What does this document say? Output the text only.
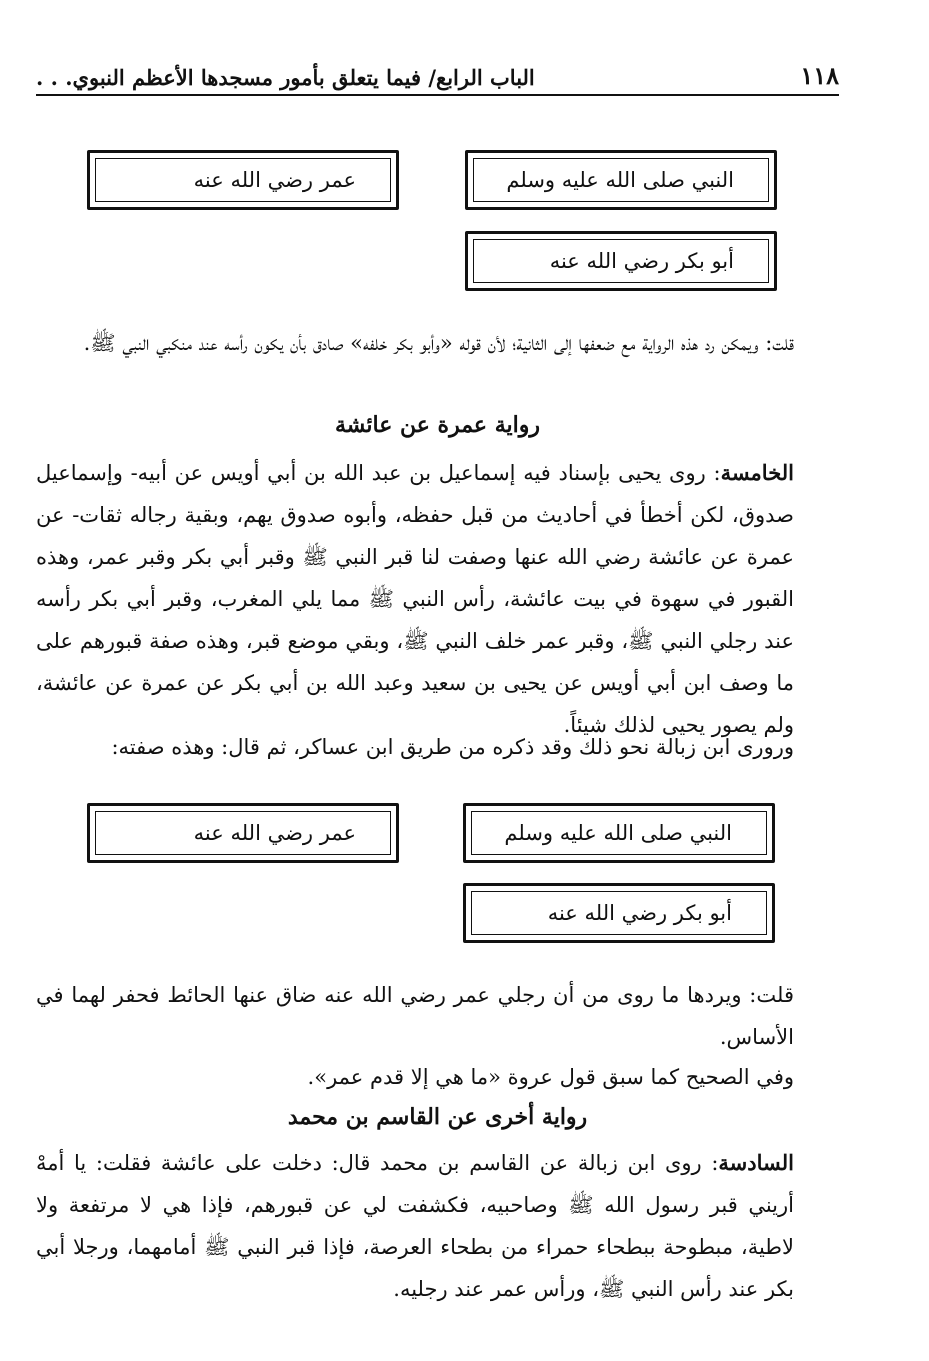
١١٨
الباب الرابع/ فيما يتعلق بأمور مسجدها الأعظم النبوي. . .
النبي صلى الله عليه وسلم
عمر رضي الله عنه
أبو بكر رضي الله عنه
قلت: ويمكن رد هذه الرواية مع ضعفها إلى الثانية؛ لأن قوله «وأبو بكر خلفه» صادق بأن يكون رأسه عند منكبي النبي ﷺ.
رواية عمرة عن عائشة
الخامسة: روى يحيى بإسناد فيه إسماعيل بن عبد الله بن أبي أويس عن أبيه- وإسماعيل صدوق، لكن أخطأ في أحاديث من قبل حفظه، وأبوه صدوق يهم، وبقية رجاله ثقات- عن عمرة عن عائشة رضي الله عنها وصفت لنا قبر النبي ﷺ وقبر أبي بكر وقبر عمر، وهذه القبور في سهوة في بيت عائشة، رأس النبي ﷺ مما يلي المغرب، وقبر أبي بكر رأسه عند رجلي النبي ﷺ، وقبر عمر خلف النبي ﷺ، وبقي موضع قبر، وهذه صفة قبورهم على ما وصف ابن أبي أويس عن يحيى بن سعيد وعبد الله بن أبي بكر عن عمرة عن عائشة، ولم يصور يحيى لذلك شيئاً.
ورورى ابن زبالة نحو ذلك وقد ذكره من طريق ابن عساكر، ثم قال: وهذه صفته:
النبي صلى الله عليه وسلم
عمر رضي الله عنه
أبو بكر رضي الله عنه
قلت: ويردها ما روى من أن رجلي عمر رضي الله عنه ضاق عنها الحائط فحفر لهما في الأساس.
وفي الصحيح كما سبق قول عروة «ما هي إلا قدم عمر».
رواية أخرى عن القاسم بن محمد
السادسة: روى ابن زبالة عن القاسم بن محمد قال: دخلت على عائشة فقلت: يا أمهْ أريني قبر رسول الله ﷺ وصاحبيه، فكشفت لي عن قبورهم، فإذا هي لا مرتفعة ولا لاطية، مبطوحة ببطحاء حمراء من بطحاء العرصة، فإذا قبر النبي ﷺ أمامهما، ورجلا أبي بكر عند رأس النبي ﷺ، ورأس عمر عند رجليه.
